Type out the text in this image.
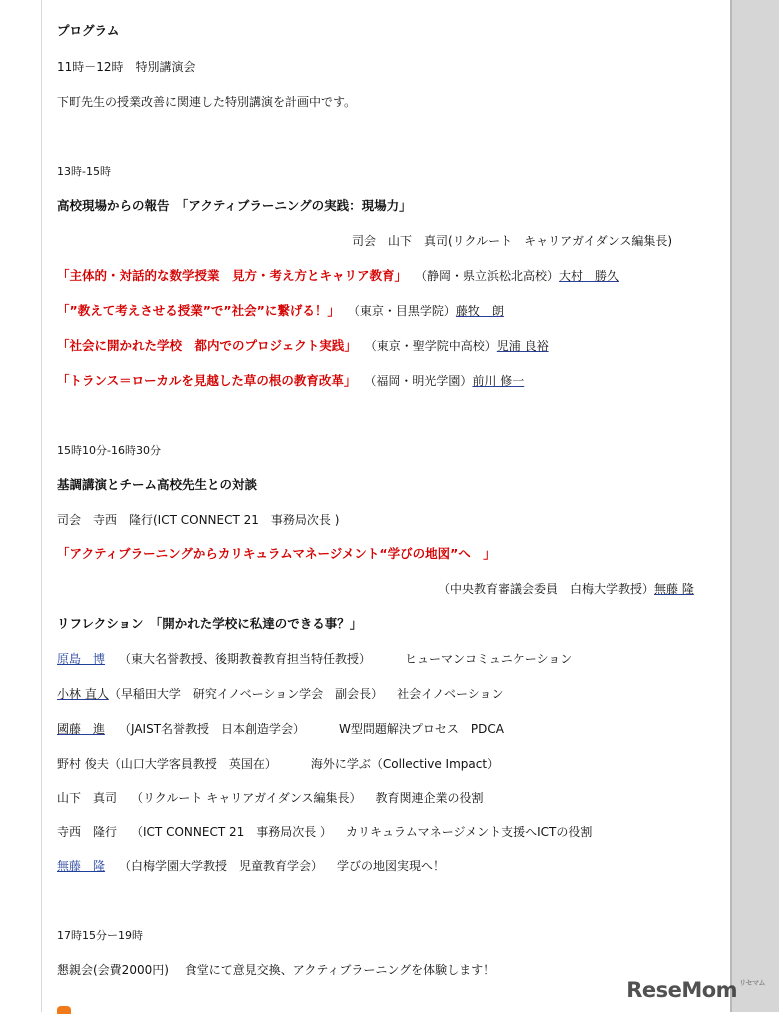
プログラム
11時－12時　特別講演会
下町先生の授業改善に関連した特別講演を計画中です。
13時-15時
高校現場からの報告　「アクティブラーニングの実践：現場力」
司会　山下　真司(リクルート　キャリアガイダンス編集長)
「主体的・対話的な数学授業　見方・考え方とキャリア教育」 （静岡・県立浜松北高校）大村　勝久
「”教えて考えさせる授業”で”社会”に繋げる！」 （東京・目黒学院）藤牧　朗
「社会に開かれた学校　都内でのプロジェクト実践」 （東京・聖学院中高校）児浦 良裕
「トランス＝ローカルを見越した草の根の教育改革」 （福岡・明光学園）前川 修一
15時10分-16時30分
基調講演とチーム高校先生との対談
司会　寺西　隆行(ICT CONNECT 21　事務局次長 )
「アクティブラーニングからカリキュラムマネージメント“学びの地図”へ　」
（中央教育審議会委員　白梅大学教授）無藤 隆
リフレクション　「開かれた学校に私達のできる事？」
原島　博 （東大名誉教授、後期教養教育担当特任教授）	ヒューマンコミュニケーション
小林 直人（早稲田大学　研究イノベーション学会　副会長） 社会イノベーション
國藤　進 （JAIST名誉教授　日本創造学会）	W型問題解決プロセス　PDCA
野村 俊夫（山口大学客員教授　英国在）	海外に学ぶ（Collective Impact）
山下　真司 （リクルート キャリアガイダンス編集長） 教育関連企業の役割
寺西　隆行 （ICT CONNECT 21　事務局次長 ） カリキュラムマネージメント支援へICTの役割
無藤　隆 （白梅学園大学教授　児童教育学会） 学びの地図実現へ！
17時15分ー19時
懇親会(会費2000円)　 食堂にて意見交換、アクティブラーニングを体験します！
ReseMom $^{リセマム}$
